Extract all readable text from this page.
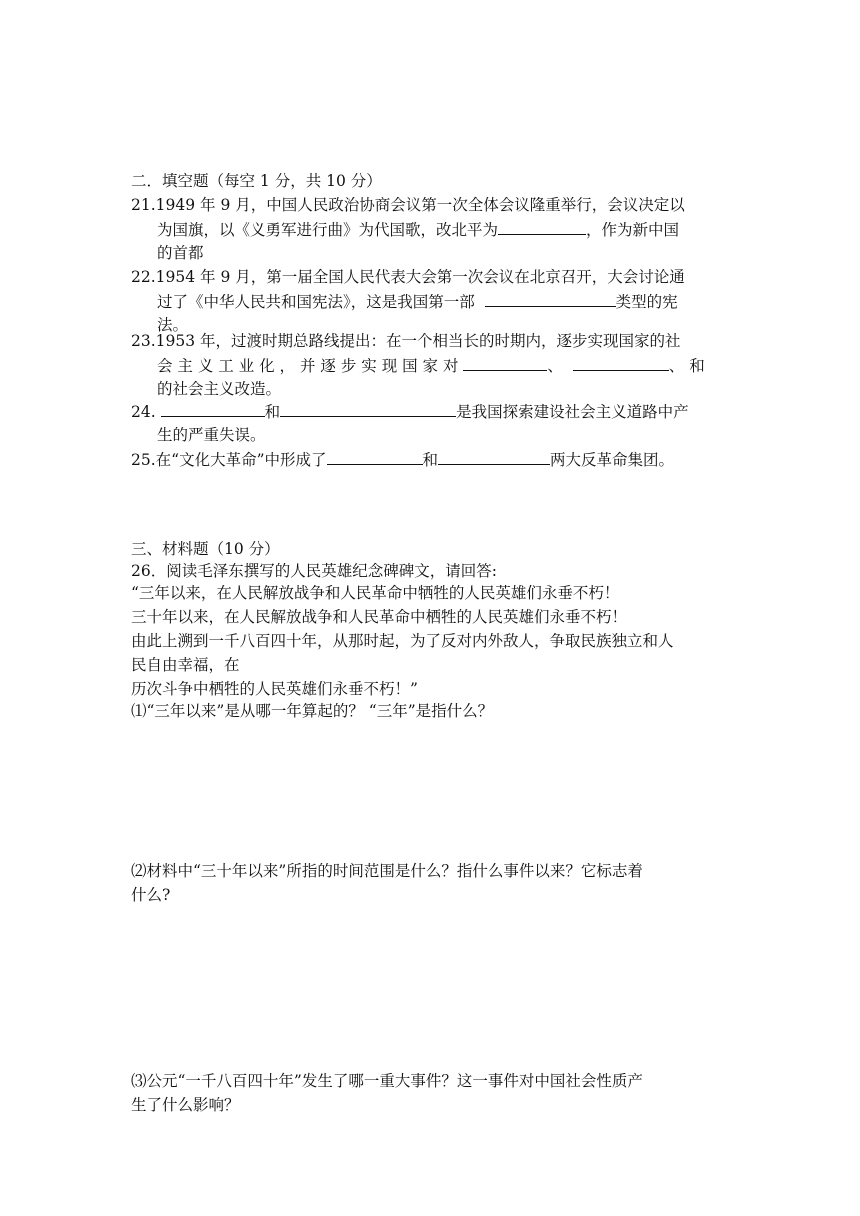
二．填空题（每空 1 分，共 10 分）
21.1949 年 9 月，中国人民政治协商会议第一次全体会议隆重举行，会议决定以
为国旗，以《义勇军进行曲》为代国歌，改北平为	，作为新中国
的首都
22.1954 年 9 月，第一届全国人民代表大会第一次会议在北京召开，大会讨论通
过了《中华人民共和国宪法》，这是我国第一部	类型的宪
法。
23.1953 年，过渡时期总路线提出：在一个相当长的时期内，逐步实现国家的社
会 主 义 工 业 化 ， 并 逐 步 实 现 国 家 对	、	、 和
的社会主义改造。
24.	和	是我国探索建设社会主义道路中产
生的严重失误。
25.在“文化大革命”中形成了	和	两大反革命集团。
三、材料题（10 分）
26．阅读毛泽东撰写的人民英雄纪念碑碑文，请回答:
“三年以来，在人民解放战争和人民革命中牺牲的人民英雄们永垂不朽！
三十年以来，在人民解放战争和人民革命中栖牲的人民英雄们永垂不朽！
由此上溯到一千八百四十年，从那时起，为了反对内外敌人，争取民族独立和人
民自由幸福，在
历次斗争中栖牲的人民英雄们永垂不朽！”
⑴“三年以来”是从哪一年算起的？ “三年”是指什么？
⑵材料中“三十年以来”所指的时间范围是什么？指什么事件以来？它标志着
什么?
⑶公元“一千八百四十年”发生了哪一重大事件？这一事件对中国社会性质产
生了什么影响？
